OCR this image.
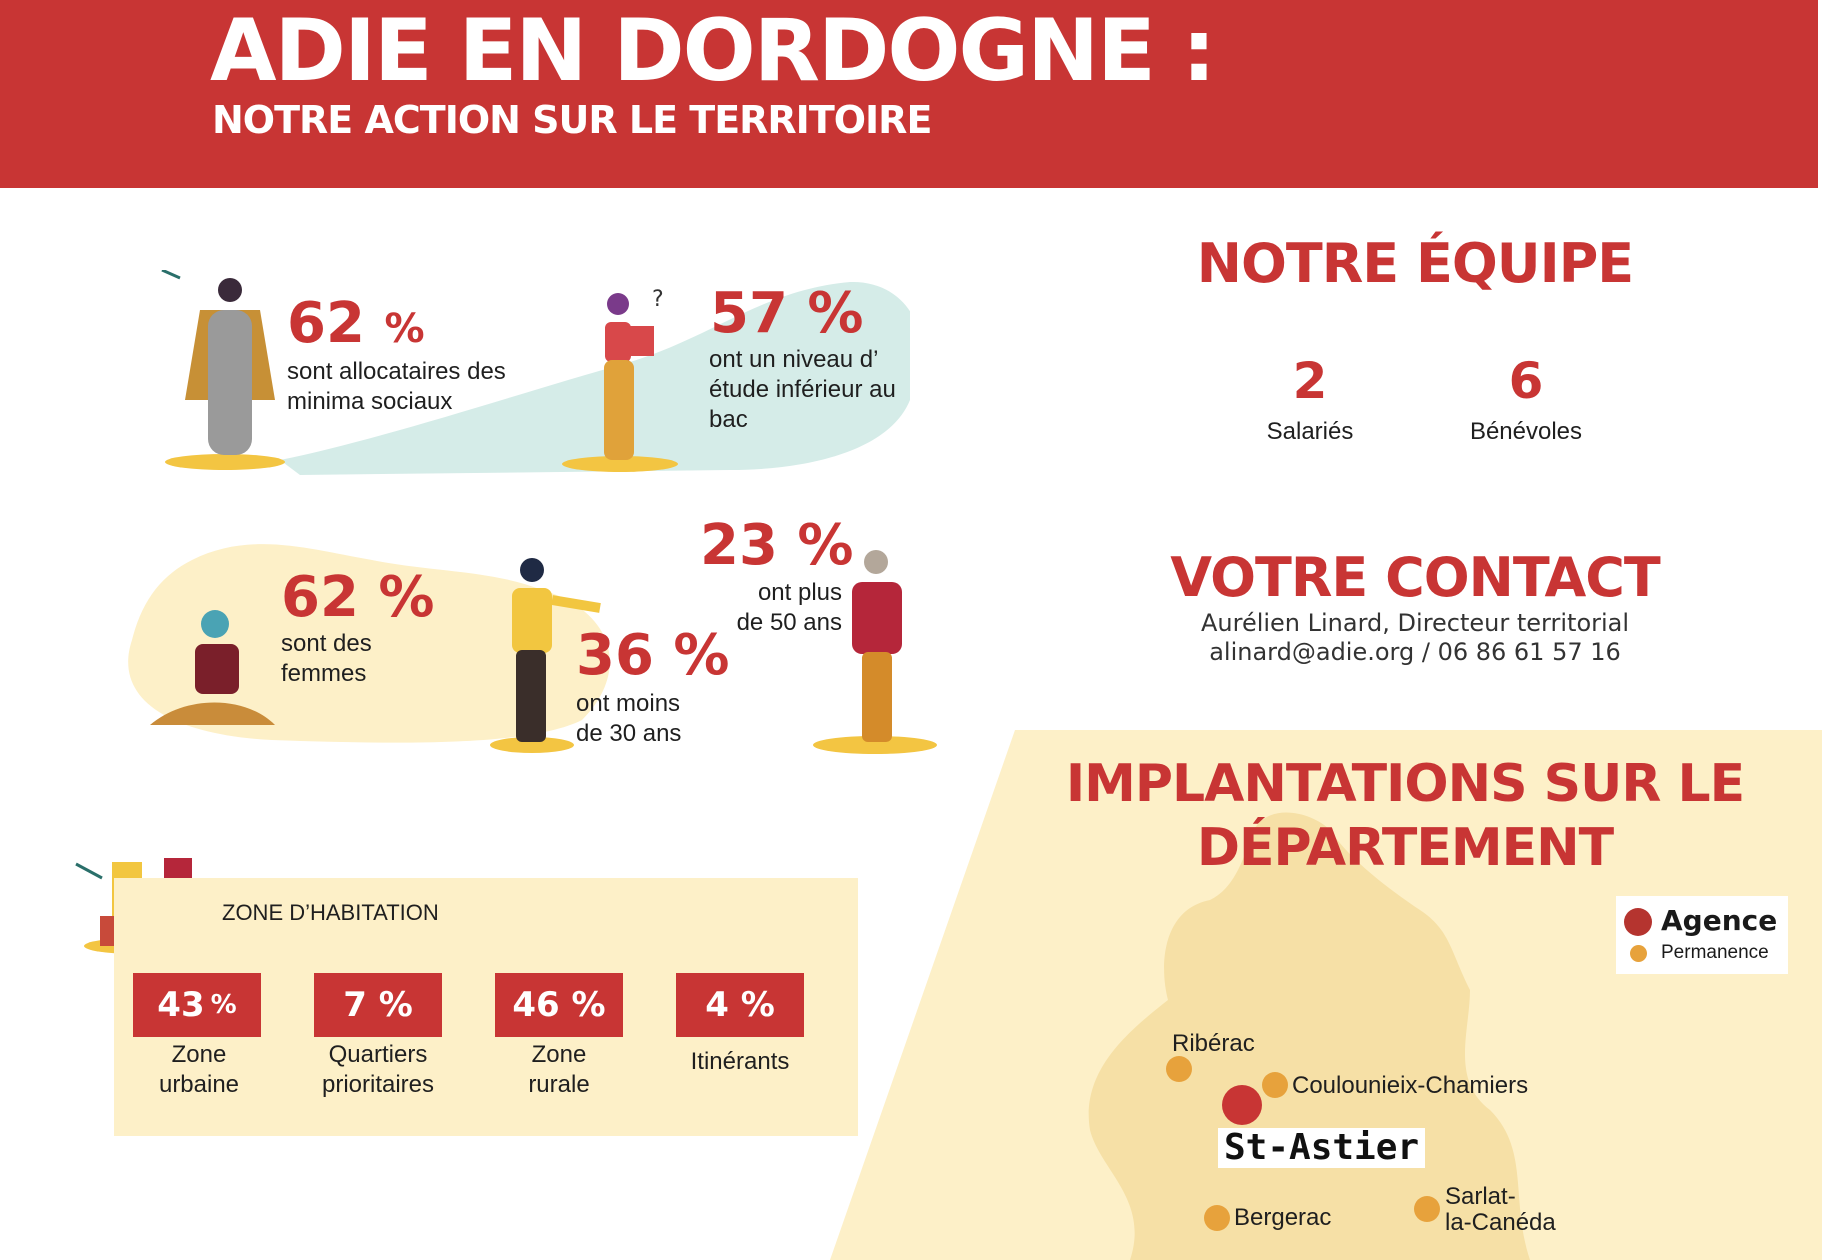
ADIE EN DORDOGNE :
NOTRE ACTION SUR LE TERRITOIRE
?
62 %
sont allocataires des
minima sociaux
57 %
ont un niveau d’
étude inférieur au
bac
62 %
sont des
femmes
23 %
ont plus
de 50 ans
36 %
ont moins
de 30 ans
ZONE D’HABITATION
43 %
Zone
urbaine
7 %
Quartiers
prioritaires
46 %
Zone
rurale
4 %
Itinérants
NOTRE ÉQUIPE
2
Salariés
6
Bénévoles
VOTRE CONTACT
Aurélien Linard, Directeur territorial
alinard@adie.org / 06 86 61 57 16
IMPLANTATIONS SUR LE
DÉPARTEMENT
Agence
Permanence
Ribérac
Coulounieix-Chamiers
St-Astier
Bergerac
Sarlat-
la-Canéda
